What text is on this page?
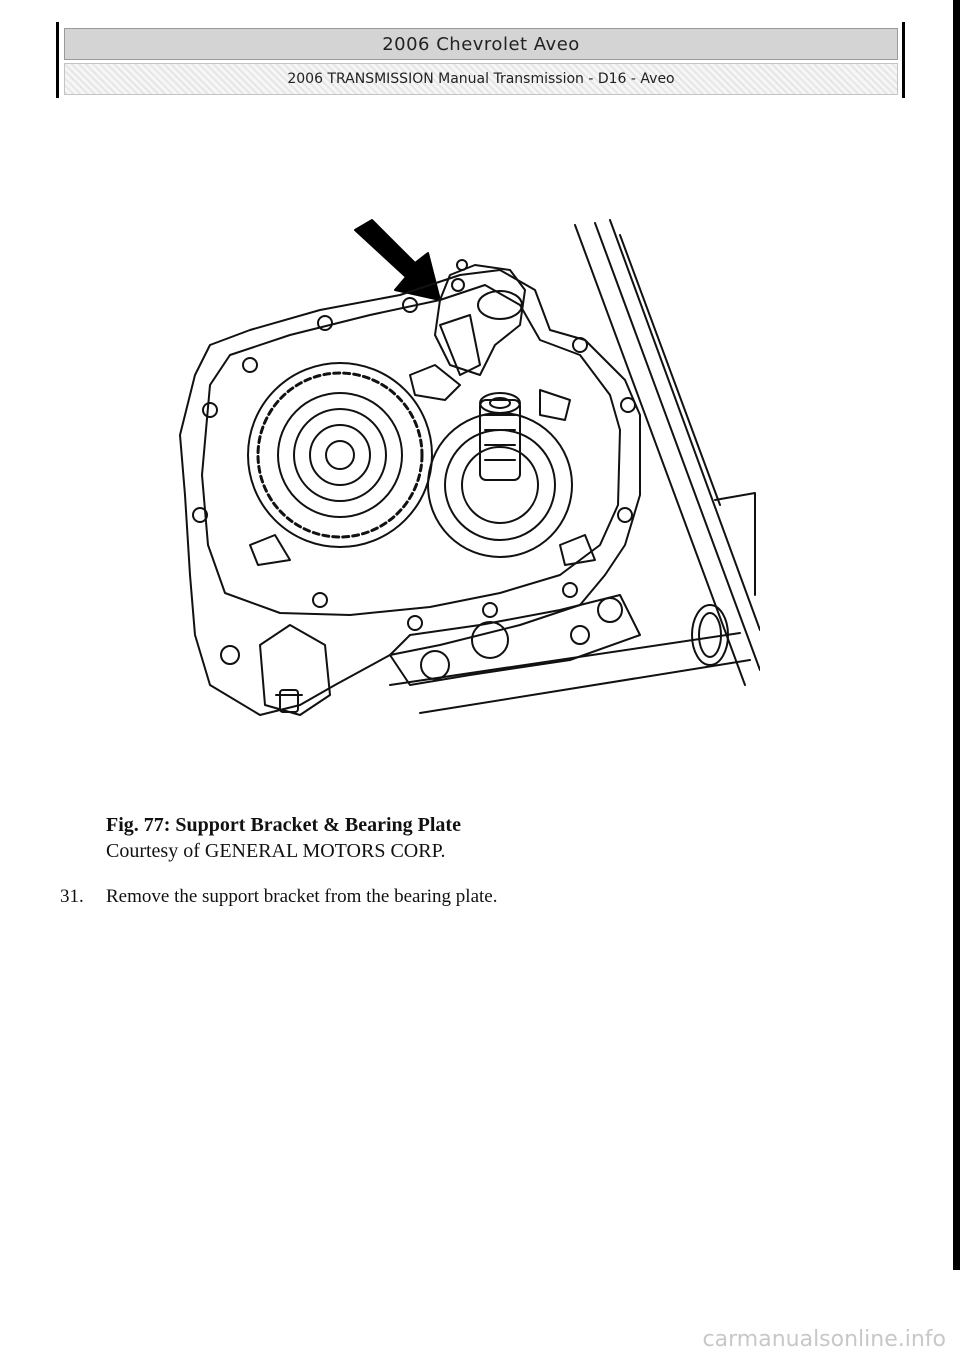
2006 Chevrolet Aveo
2006 TRANSMISSION Manual Transmission - D16 - Aveo
Fig. 77: Support Bracket & Bearing Plate
Courtesy of GENERAL MOTORS CORP.
31. Remove the support bracket from the bearing plate.
carmanualsonline.info
